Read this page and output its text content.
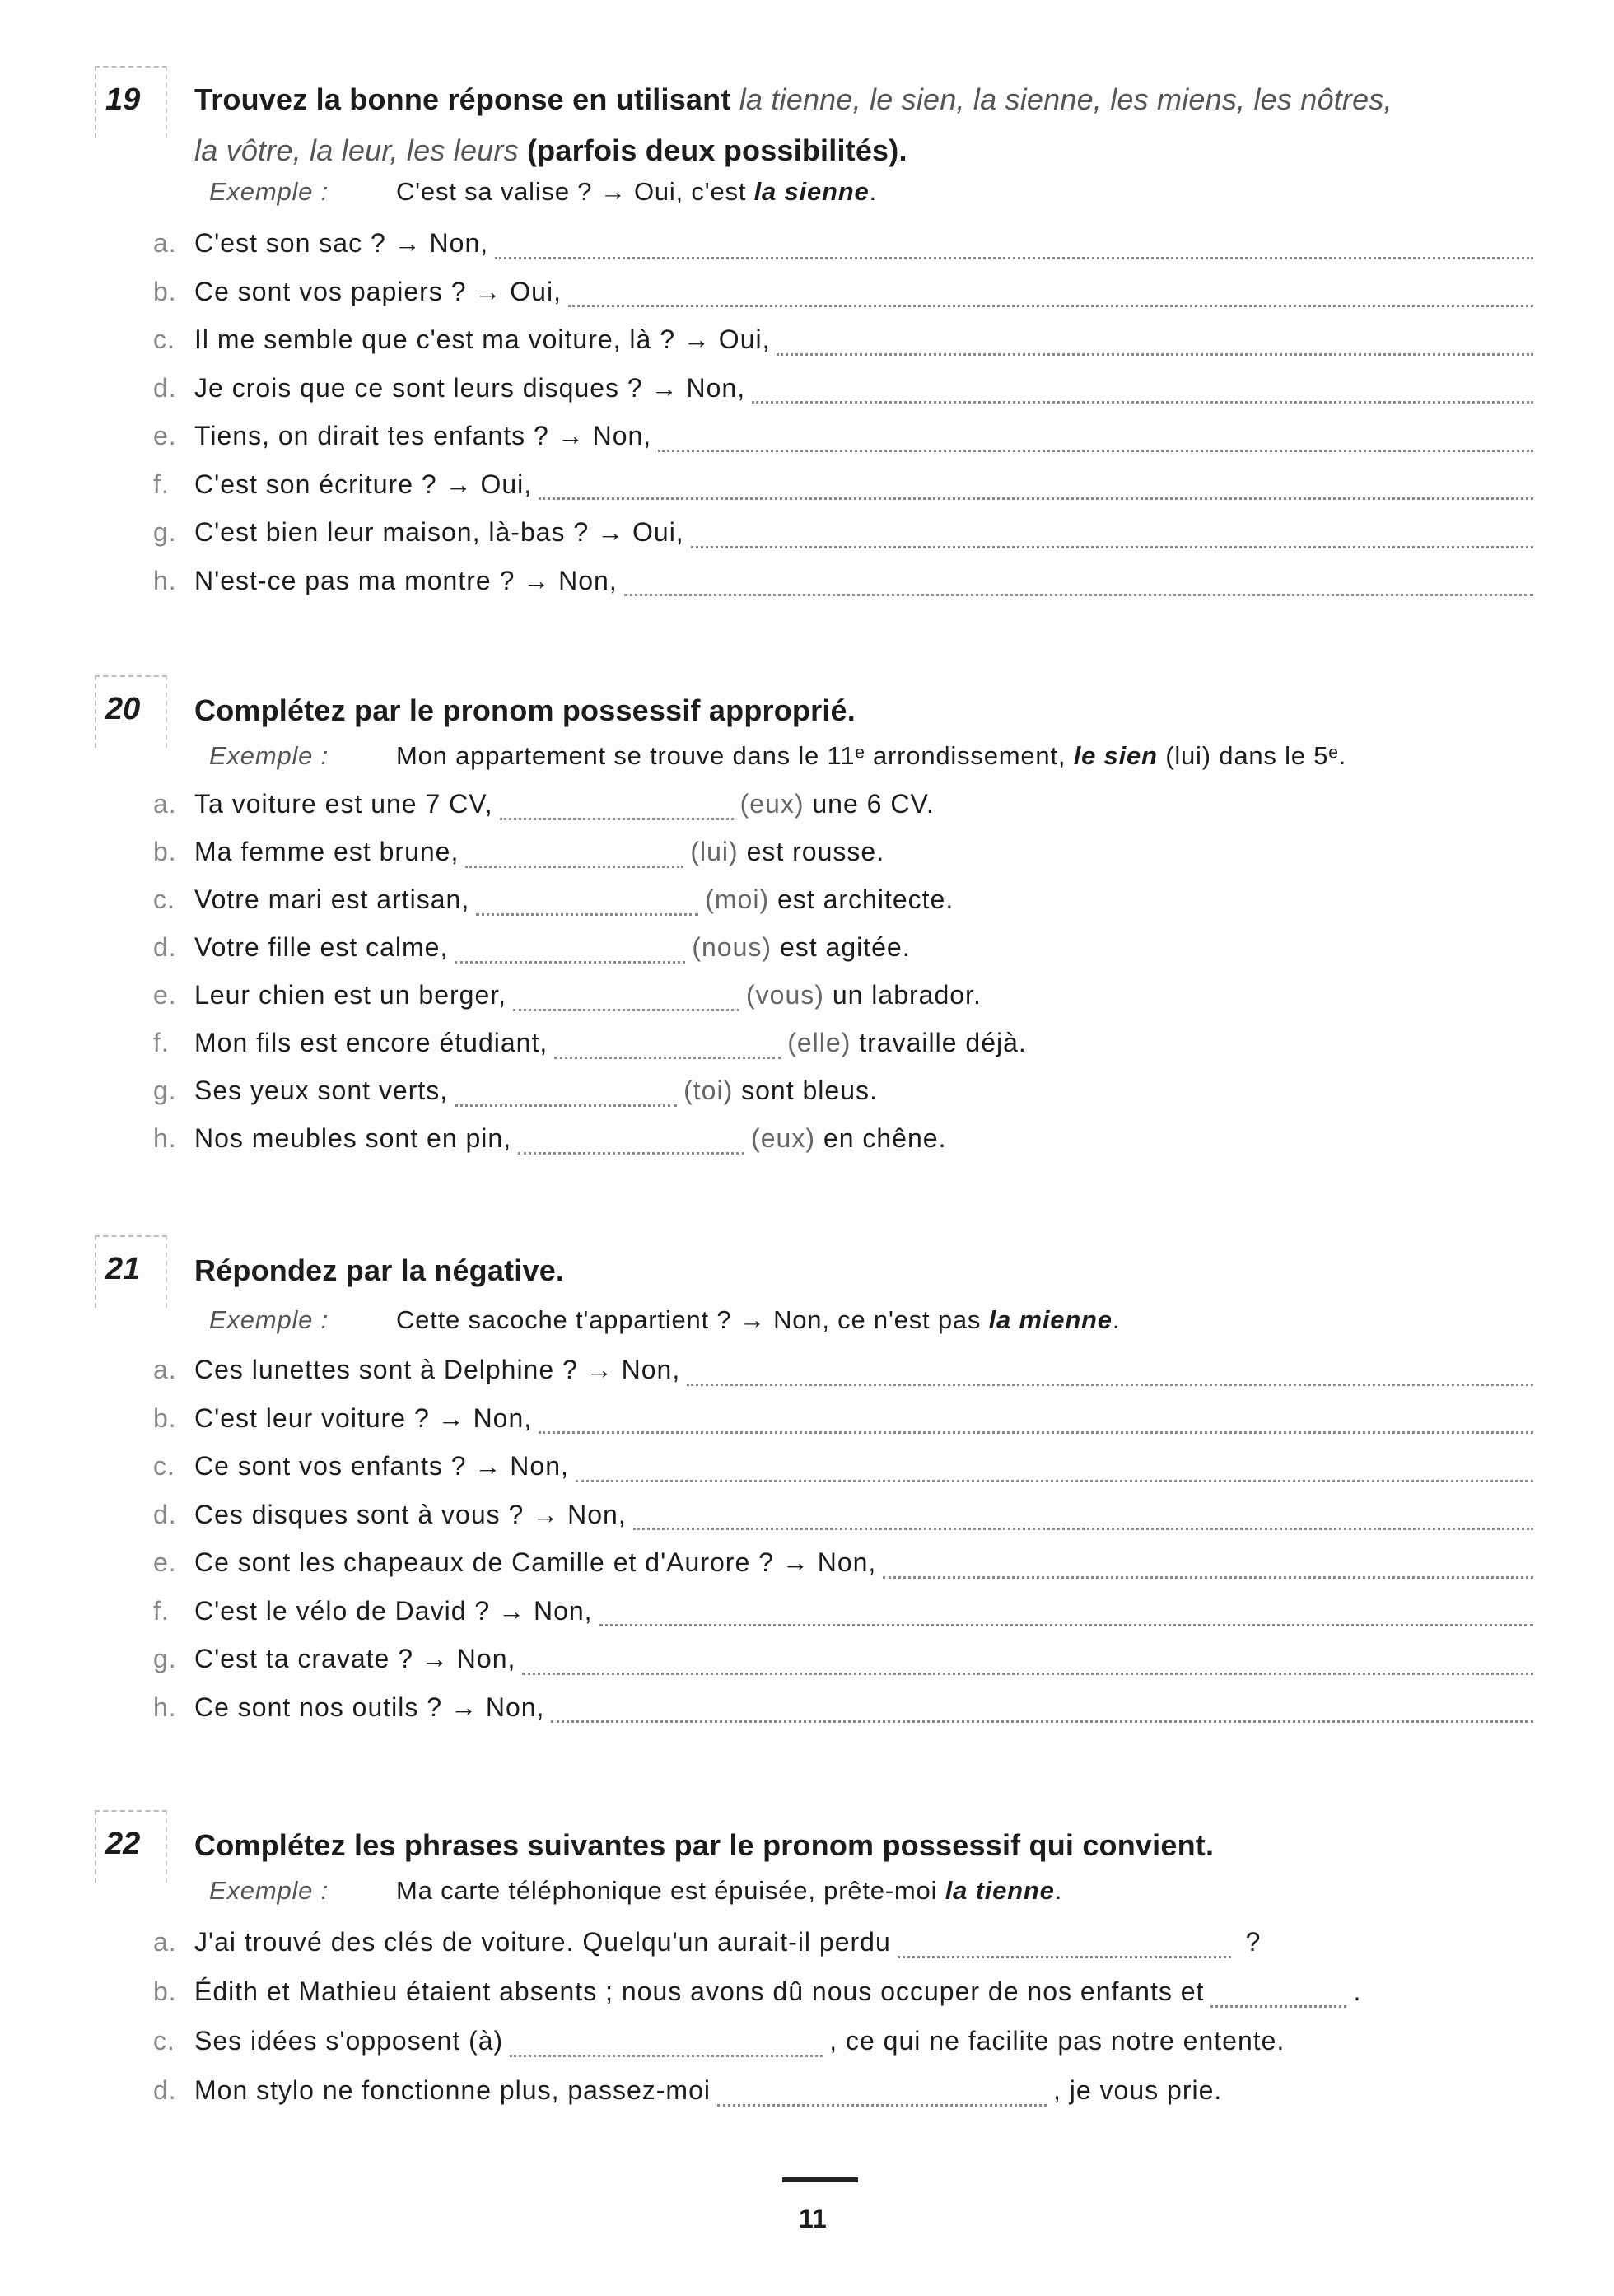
19 Trouvez la bonne réponse en utilisant la tienne, le sien, la sienne, les miens, les nôtres,
la vôtre, la leur, les leurs (parfois deux possibilités).
Exemple :	C'est sa valise ? → Oui, c'est la sienne .
a. C'est son sac ? → Non,
b. Ce sont vos papiers ? → Oui,
c. Il me semble que c'est ma voiture, là ? → Oui,
d. Je crois que ce sont leurs disques ? → Non,
e. Tiens, on dirait tes enfants ? → Non,
f. C'est son écriture ? → Oui,
g. C'est bien leur maison, là-bas ? → Oui,
h. N'est-ce pas ma montre ? → Non,
20 Complétez par le pronom possessif approprié.
Exemple :	Mon appartement se trouve dans le 11ᵉ arrondissement, le sien (lui) dans le 5ᵉ.
a. Ta voiture est une 7 CV,	(eux) une 6 CV.
b. Ma femme est brune,	(lui) est rousse.
c. Votre mari est artisan,	(moi) est architecte.
d. Votre fille est calme,	(nous) est agitée.
e. Leur chien est un berger,	(vous) un labrador.
f. Mon fils est encore étudiant,	(elle) travaille déjà.
g. Ses yeux sont verts,	(toi) sont bleus.
h. Nos meubles sont en pin,	(eux) en chêne.
21 Répondez par la négative.
Exemple :	Cette sacoche t'appartient ? → Non, ce n'est pas la mienne .
a. Ces lunettes sont à Delphine ? → Non,
b. C'est leur voiture ? → Non,
c. Ce sont vos enfants ? → Non,
d. Ces disques sont à vous ? → Non,
e. Ce sont les chapeaux de Camille et d'Aurore ? → Non,
f. C'est le vélo de David ? → Non,
g. C'est ta cravate ? → Non,
h. Ce sont nos outils ? → Non,
22 Complétez les phrases suivantes par le pronom possessif qui convient.
Exemple :	Ma carte téléphonique est épuisée, prête-moi la tienne .
a. J'ai trouvé des clés de voiture. Quelqu'un aurait-il perdu	?
b. Édith et Mathieu étaient absents ; nous avons dû nous occuper de nos enfants et	.
c. Ses idées s'opposent (à)	, ce qui ne facilite pas notre entente.
d. Mon stylo ne fonctionne plus, passez-moi	, je vous prie.
11
